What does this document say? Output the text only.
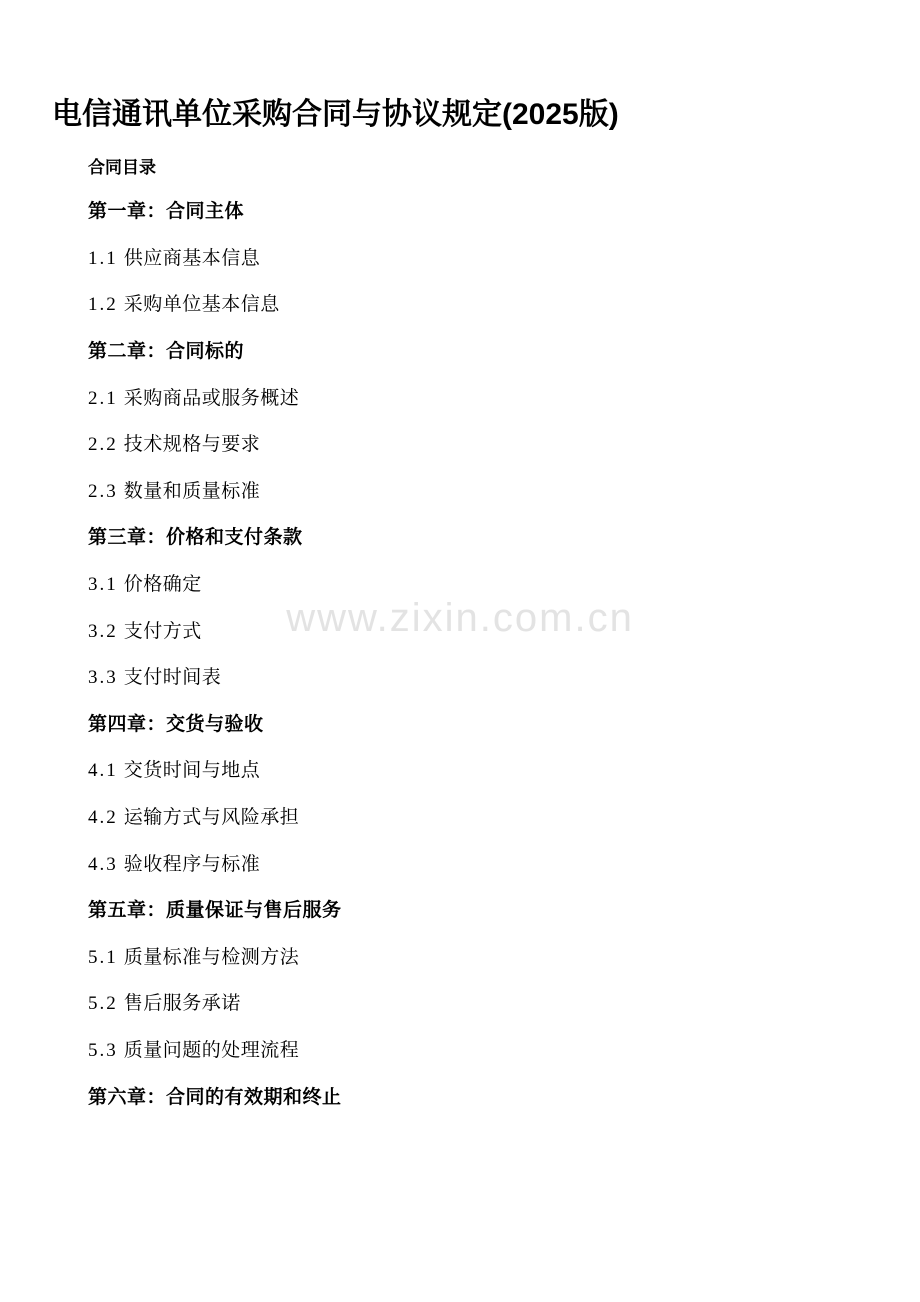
www.zixin.com.cn
电信通讯单位采购合同与协议规定(2025版)
合同目录
第一章：合同主体
1.1 供应商基本信息
1.2 采购单位基本信息
第二章：合同标的
2.1 采购商品或服务概述
2.2 技术规格与要求
2.3 数量和质量标准
第三章：价格和支付条款
3.1 价格确定
3.2 支付方式
3.3 支付时间表
第四章：交货与验收
4.1 交货时间与地点
4.2 运输方式与风险承担
4.3 验收程序与标准
第五章：质量保证与售后服务
5.1 质量标准与检测方法
5.2 售后服务承诺
5.3 质量问题的处理流程
第六章：合同的有效期和终止
